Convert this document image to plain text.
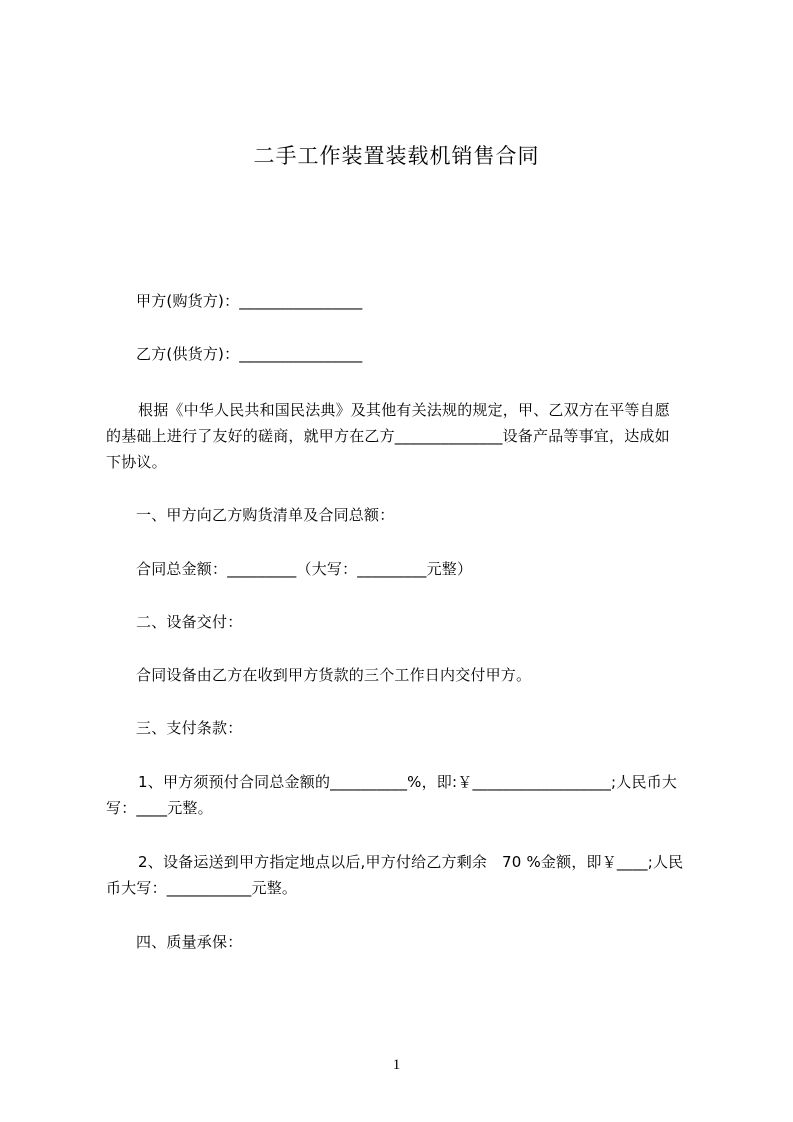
二手工作装置装载机销售合同
甲方(购货方)：________________
乙方(供货方)：________________
根据《中华人民共和国民法典》及其他有关法规的规定，甲、乙双方在平等自愿
的基础上进行了友好的磋商，就甲方在乙方______________设备产品等事宜，达成如
下协议。
一、甲方向乙方购货清单及合同总额：
合同总金额：_________（大写：_________元整）
二、设备交付：
合同设备由乙方在收到甲方货款的三个工作日内交付甲方。
三、支付条款：
1、甲方须预付合同总金额的__________%，即:￥__________________;人民币大
写：____元整。
2、设备运送到甲方指定地点以后,甲方付给乙方剩余   70 %金额，即￥____;人民
币大写：___________元整。
四、质量承保：
1
